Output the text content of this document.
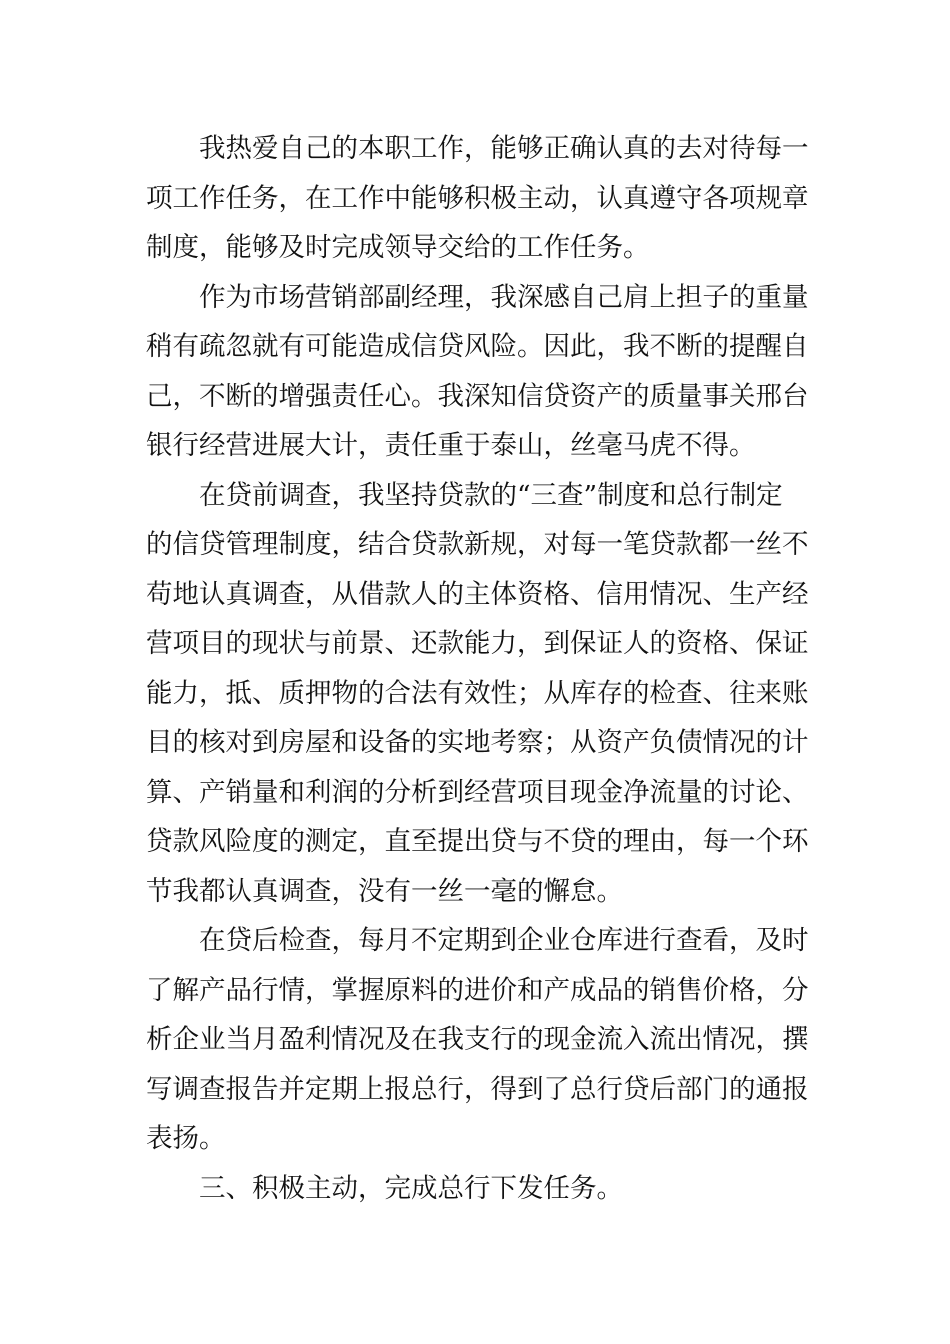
我热爱自己的本职工作，能够正确认真的去对待每一
项工作任务，在工作中能够积极主动，认真遵守各项规章
制度，能够及时完成领导交给的工作任务。
作为市场营销部副经理，我深感自己肩上担子的重量
稍有疏忽就有可能造成信贷风险。因此，我不断的提醒自
己，不断的增强责任心。我深知信贷资产的质量事关邢台
银行经营进展大计，责任重于泰山，丝毫马虎不得。
在贷前调查，我坚持贷款的“三查”制度和总行制定
的信贷管理制度，结合贷款新规，对每一笔贷款都一丝不
苟地认真调查，从借款人的主体资格、信用情况、生产经
营项目的现状与前景、还款能力，到保证人的资格、保证
能力，抵、质押物的合法有效性；从库存的检查、往来账
目的核对到房屋和设备的实地考察；从资产负债情况的计
算、产销量和利润的分析到经营项目现金净流量的讨论、
贷款风险度的测定，直至提出贷与不贷的理由，每一个环
节我都认真调查，没有一丝一毫的懈怠。
在贷后检查，每月不定期到企业仓库进行查看，及时
了解产品行情，掌握原料的进价和产成品的销售价格，分
析企业当月盈利情况及在我支行的现金流入流出情况，撰
写调查报告并定期上报总行，得到了总行贷后部门的通报
表扬。
三、积极主动，完成总行下发任务。
